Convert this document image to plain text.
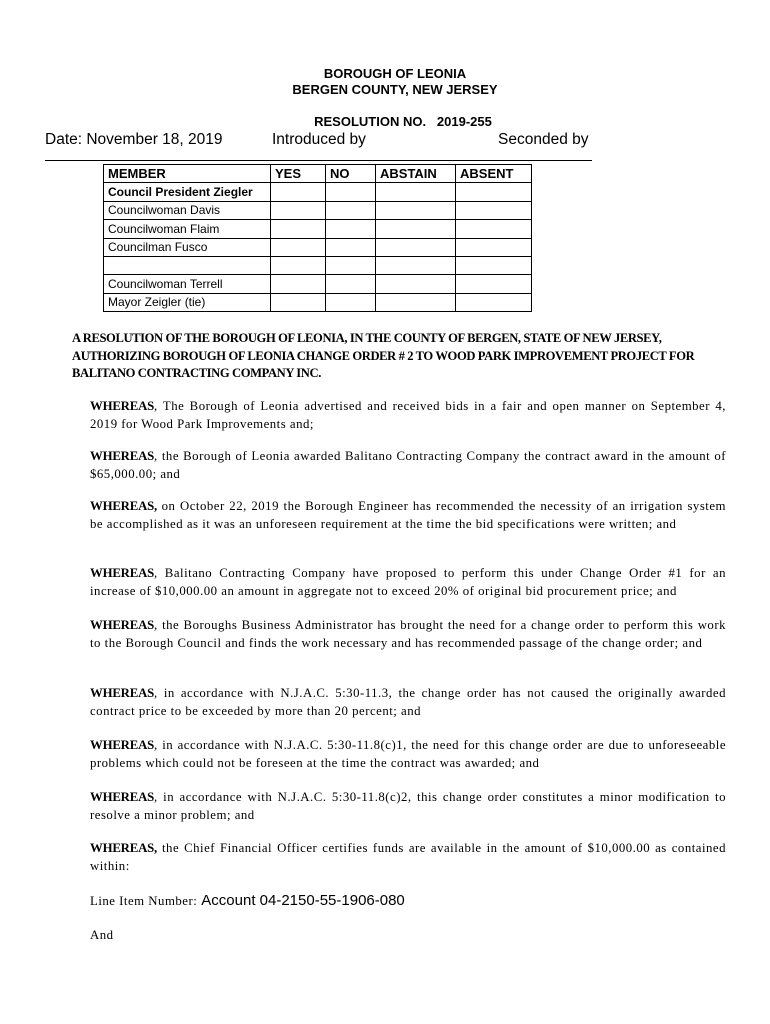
BOROUGH OF LEONIA
BERGEN COUNTY, NEW JERSEY
RESOLUTION NO.   2019-255
Date: November 18, 2019	Introduced by	Seconded by
MEMBER	YES	NO	ABSTAIN	ABSENT
Council President Ziegler				
Councilwoman Davis				
Councilwoman Flaim				
Councilman Fusco				

Councilwoman Terrell				
Mayor Zeigler (tie)				
A RESOLUTION OF THE BOROUGH OF LEONIA, IN THE COUNTY OF BERGEN, STATE OF NEW JERSEY, AUTHORIZING BOROUGH OF LEONIA CHANGE ORDER # 2 TO WOOD PARK IMPROVEMENT PROJECT FOR BALITANO CONTRACTING COMPANY INC.
WHEREAS, The Borough of Leonia advertised and received bids in a fair and open manner on September 4, 2019 for Wood Park Improvements and;
WHEREAS, the Borough of Leonia awarded Balitano Contracting Company the contract award in the amount of $65,000.00; and
WHEREAS, on October 22, 2019 the Borough Engineer has recommended the necessity of an irrigation system be accomplished as it was an unforeseen requirement at the time the bid specifications were written; and
WHEREAS, Balitano Contracting Company have proposed to perform this under Change Order #1 for an increase of $10,000.00 an amount in aggregate not to exceed 20% of original bid procurement price; and
WHEREAS, the Boroughs Business Administrator has brought the need for a change order to perform this work to the Borough Council and finds the work necessary and has recommended passage of the change order; and
WHEREAS, in accordance with N.J.A.C. 5:30-11.3, the change order has not caused the originally awarded contract price to be exceeded by more than 20 percent; and
WHEREAS, in accordance with N.J.A.C. 5:30-11.8(c)1, the need for this change order are due to unforeseeable problems which could not be foreseen at the time the contract was awarded; and
WHEREAS, in accordance with N.J.A.C. 5:30-11.8(c)2, this change order constitutes a minor modification to resolve a minor problem; and
WHEREAS, the Chief Financial Officer certifies funds are available in the amount of $10,000.00 as contained within:
Line Item Number: Account 04-2150-55-1906-080
And
